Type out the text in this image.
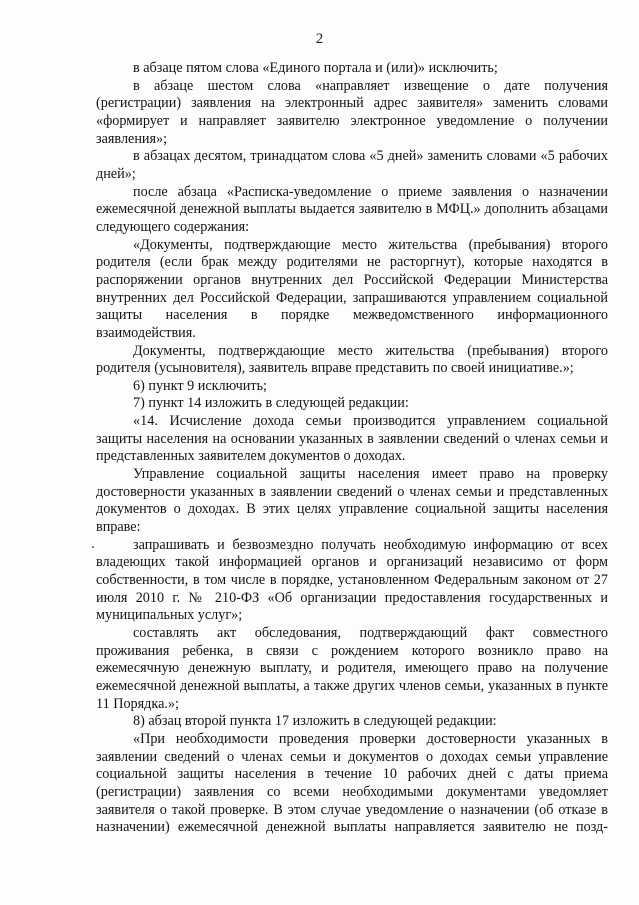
2

в абзаце пятом слова «Единого портала и (или)» исключить;

в абзаце шестом слова «направляет извещение о дате получения (регистрации) заявления на электронный адрес заявителя» заменить словами «формирует и направляет заявителю электронное уведомление о получении заявления»;

в абзацах десятом, тринадцатом слова «5 дней» заменить словами «5 рабочих дней»;

после абзаца «Расписка-уведомление о приеме заявления о назначении ежемесячной денежной выплаты выдается заявителю в МФЦ.» дополнить абзацами следующего содержания:

«Документы, подтверждающие место жительства (пребывания) второго родителя (если брак между родителями не расторгнут), которые находятся в распоряжении органов внутренних дел Российской Федерации Министерства внутренних дел Российской Федерации, запрашиваются управлением социальной защиты населения в порядке межведомственного информационного взаимодействия.

Документы, подтверждающие место жительства (пребывания) второго родителя (усыновителя), заявитель вправе представить по своей инициативе.»;

6) пункт 9 исключить;

7) пункт 14 изложить в следующей редакции:

«14. Исчисление дохода семьи производится управлением социальной защиты населения на основании указанных в заявлении сведений о членах семьи и представленных заявителем документов о доходах.

Управление социальной защиты населения имеет право на проверку достоверности указанных в заявлении сведений о членах семьи и представленных документов о доходах. В этих целях управление социальной защиты населения вправе:

запрашивать и безвозмездно получать необходимую информацию от всех владеющих такой информацией органов и организаций независимо от форм собственности, в том числе в порядке, установленном Федеральным законом от 27 июля 2010 г. № 210-ФЗ «Об организации предоставления государственных и муниципальных услуг»;

составлять акт обследования, подтверждающий факт совместного проживания ребенка, в связи с рождением которого возникло право на ежемесячную денежную выплату, и родителя, имеющего право на получение ежемесячной денежной выплаты, а также других членов семьи, указанных в пункте 11 Порядка.»;

8) абзац второй пункта 17 изложить в следующей редакции:

«При необходимости проведения проверки достоверности указанных в заявлении сведений о членах семьи и документов о доходах семьи управление социальной защиты населения в течение 10 рабочих дней с даты приема (регистрации) заявления со всеми необходимыми документами уведомляет заявителя о такой проверке. В этом случае уведомление о назначении (об отказе в назначении) ежемесячной денежной выплаты направляется заявителю не позд-
